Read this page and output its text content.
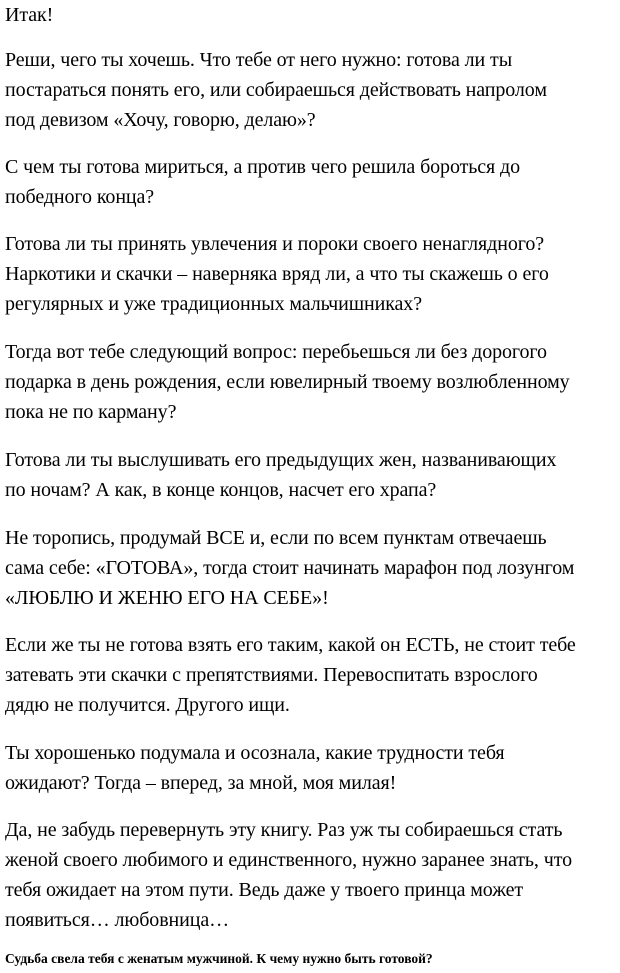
Итак!

Реши, чего ты хочешь. Что тебе от него нужно: готова ли ты
постараться понять его, или собираешься действовать напролом
под девизом «Хочу, говорю, делаю»?

С чем ты готова мириться, а против чего решила бороться до
победного конца?

Готова ли ты принять увлечения и пороки своего ненаглядного?
Наркотики и скачки – наверняка вряд ли, а что ты скажешь о его
регулярных и уже традиционных мальчишниках?

Тогда вот тебе следующий вопрос: перебьешься ли без дорогого
подарка в день рождения, если ювелирный твоему возлюбленному
пока не по карману?

Готова ли ты выслушивать его предыдущих жен, названивающих
по ночам? А как, в конце концов, насчет его храпа?

Не торопись, продумай ВСЕ и, если по всем пунктам отвечаешь
сама себе: «ГОТОВА», тогда стоит начинать марафон под лозунгом
«ЛЮБЛЮ И ЖЕНЮ ЕГО НА СЕБЕ»!

Если же ты не готова взять его таким, какой он ЕСТЬ, не стоит тебе
затевать эти скачки с препятствиями. Перевоспитать взрослого
дядю не получится. Другого ищи.

Ты хорошенько подумала и осознала, какие трудности тебя
ожидают? Тогда – вперед, за мной, моя милая!

Да, не забудь перевернуть эту книгу. Раз уж ты собираешься стать
женой своего любимого и единственного, нужно заранее знать, что
тебя ожидает на этом пути. Ведь даже у твоего принца может
появиться… любовница…

Судьба свела тебя с женатым мужчиной. К чему нужно быть готовой?
